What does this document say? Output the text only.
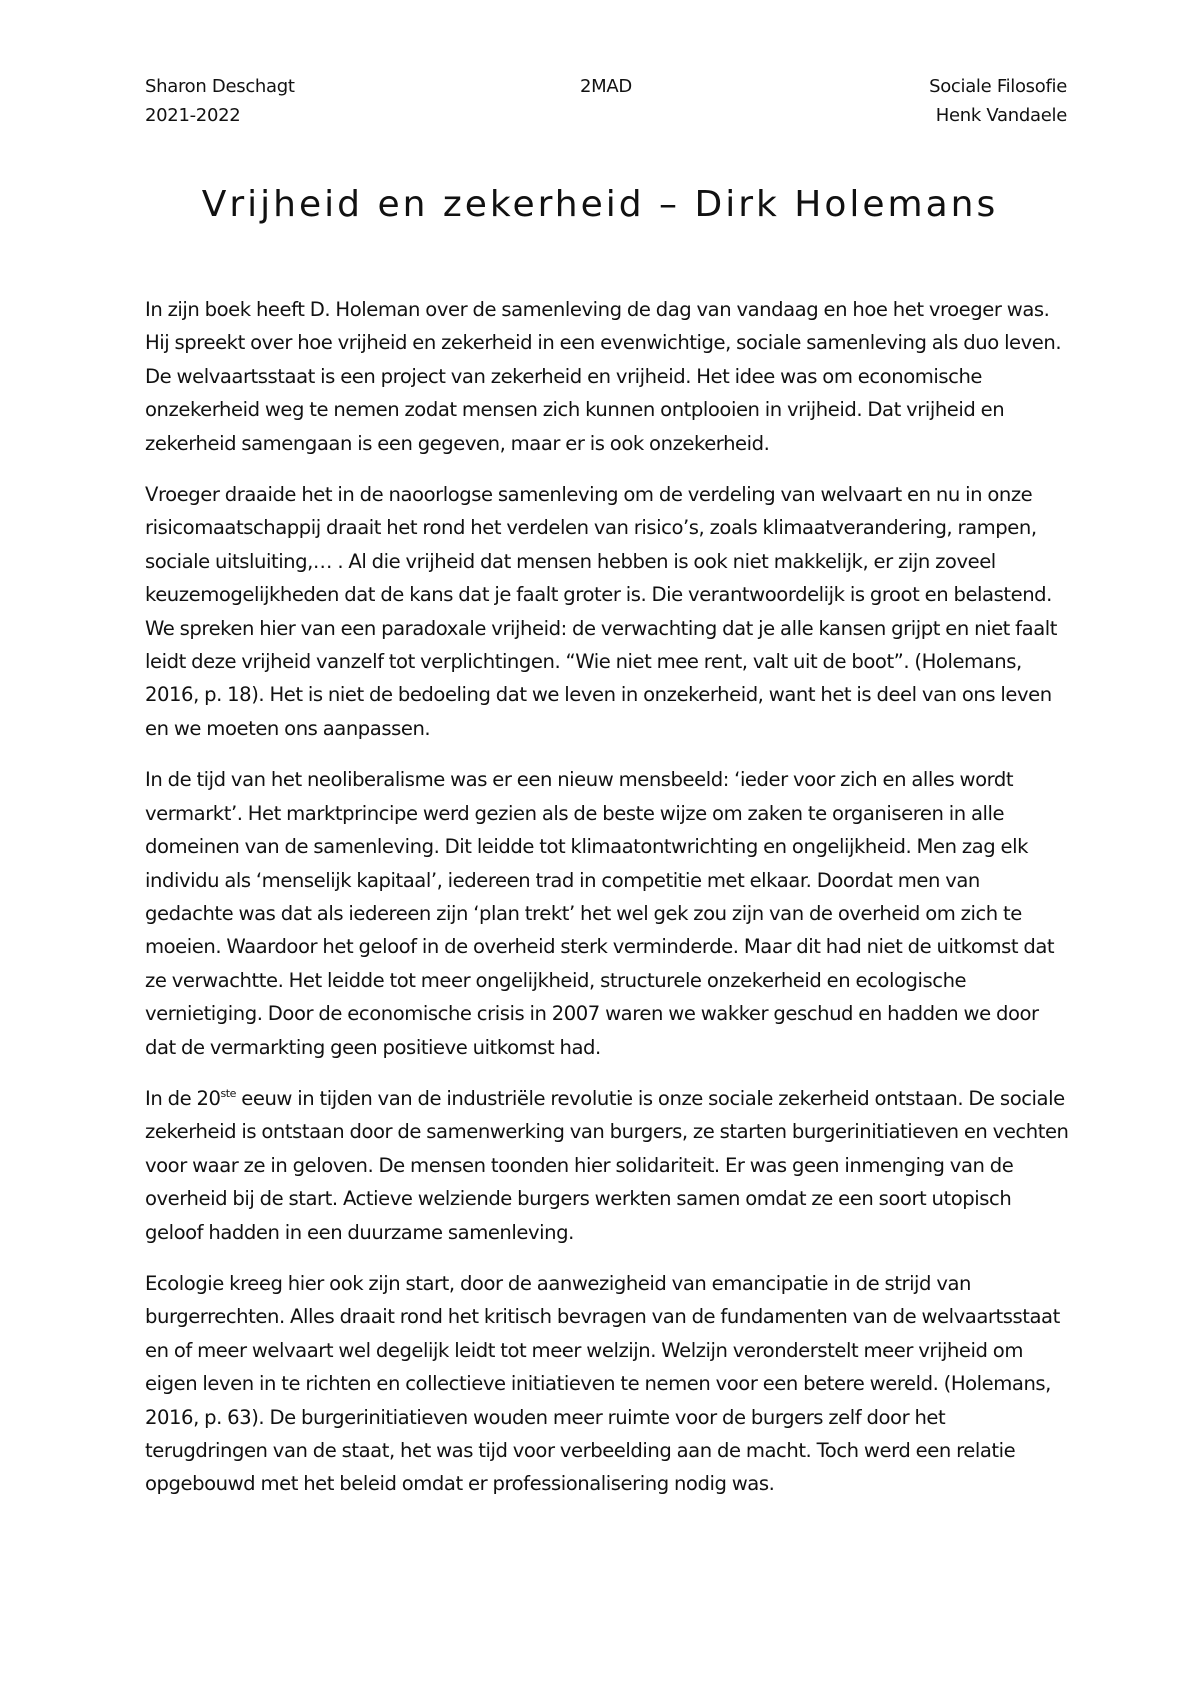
Sharon Deschagt
2021-2022
2MAD	Sociale Filosofie
Henk Vandaele
Vrijheid en zekerheid – Dirk Holemans

In zijn boek heeft D. Holeman over de samenleving de dag van vandaag en hoe het vroeger was. Hij spreekt over hoe vrijheid en zekerheid in een evenwichtige, sociale samenleving als duo leven. De welvaartsstaat is een project van zekerheid en vrijheid. Het idee was om economische onzekerheid weg te nemen zodat mensen zich kunnen ontplooien in vrijheid. Dat vrijheid en zekerheid samengaan is een gegeven, maar er is ook onzekerheid.

Vroeger draaide het in de naoorlogse samenleving om de verdeling van welvaart en nu in onze risicomaatschappij draait het rond het verdelen van risico’s, zoals klimaatverandering, rampen, sociale uitsluiting,… . Al die vrijheid dat mensen hebben is ook niet makkelijk, er zijn zoveel keuzemogelijkheden dat de kans dat je faalt groter is. Die verantwoordelijk is groot en belastend. We spreken hier van een paradoxale vrijheid: de verwachting dat je alle kansen grijpt en niet faalt leidt deze vrijheid vanzelf tot verplichtingen. “Wie niet mee rent, valt uit de boot”. (Holemans, 2016, p. 18). Het is niet de bedoeling dat we leven in onzekerheid, want het is deel van ons leven en we moeten ons aanpassen.

In de tijd van het neoliberalisme was er een nieuw mensbeeld: ‘ieder voor zich en alles wordt vermarkt’. Het marktprincipe werd gezien als de beste wijze om zaken te organiseren in alle domeinen van de samenleving. Dit leidde tot klimaatontwrichting en ongelijkheid. Men zag elk individu als ‘menselijk kapitaal’, iedereen trad in competitie met elkaar. Doordat men van gedachte was dat als iedereen zijn ‘plan trekt’ het wel gek zou zijn van de overheid om zich te moeien. Waardoor het geloof in de overheid sterk verminderde. Maar dit had niet de uitkomst dat ze verwachtte. Het leidde tot meer ongelijkheid, structurele onzekerheid en ecologische vernietiging. Door de economische crisis in 2007 waren we wakker geschud en hadden we door dat de vermarkting geen positieve uitkomst had.

In de 20ste eeuw in tijden van de industriële revolutie is onze sociale zekerheid ontstaan. De sociale zekerheid is ontstaan door de samenwerking van burgers, ze starten burgerinitiatieven en vechten voor waar ze in geloven. De mensen toonden hier solidariteit. Er was geen inmenging van de overheid bij de start. Actieve welziende burgers werkten samen omdat ze een soort utopisch geloof hadden in een duurzame samenleving.

Ecologie kreeg hier ook zijn start, door de aanwezigheid van emancipatie in de strijd van burgerrechten. Alles draait rond het kritisch bevragen van de fundamenten van de welvaartsstaat en of meer welvaart wel degelijk leidt tot meer welzijn. Welzijn veronderstelt meer vrijheid om eigen leven in te richten en collectieve initiatieven te nemen voor een betere wereld. (Holemans, 2016, p. 63). De burgerinitiatieven wouden meer ruimte voor de burgers zelf door het terugdringen van de staat, het was tijd voor verbeelding aan de macht. Toch werd een relatie opgebouwd met het beleid omdat er professionalisering nodig was.
